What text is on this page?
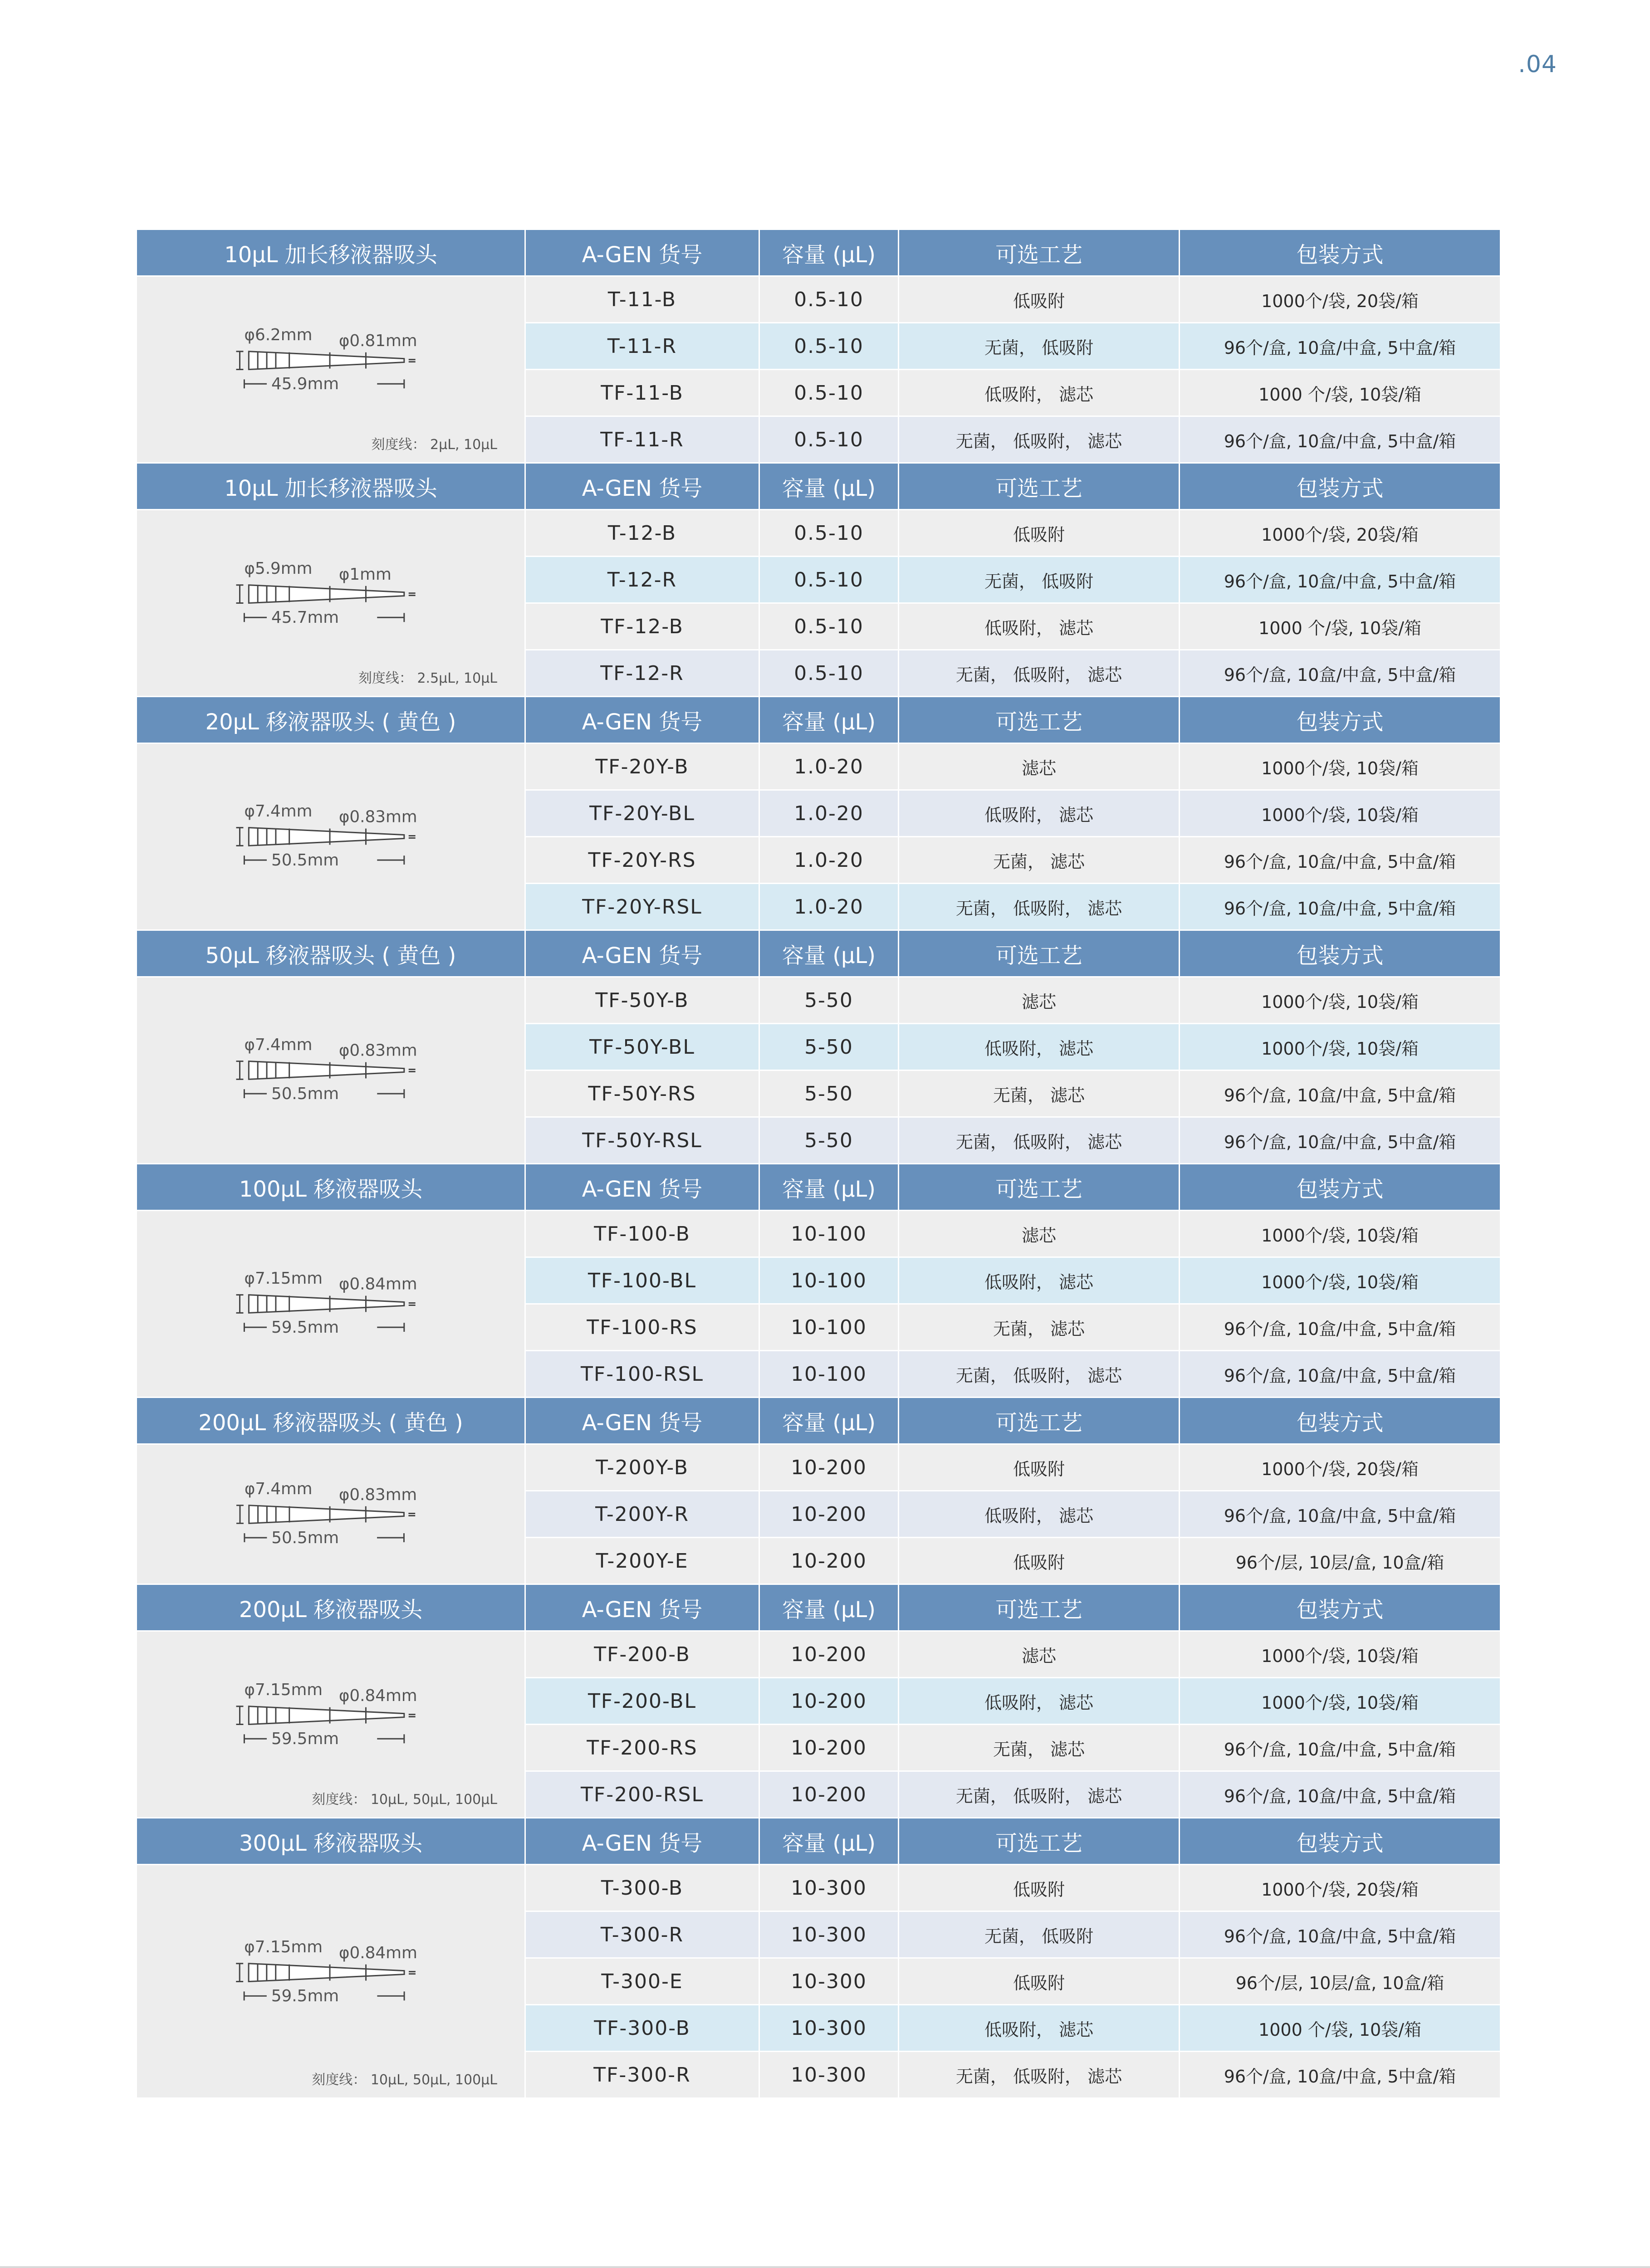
.04
10µL 加长移液器吸头	A-GEN 货号	容量 (µL)	可选工艺	包装方式
φ6.2mm φ0.81mm
45.9mm
刻度线： 2µL, 10µL
T-11-B	0.5-10	低吸附	1000个/袋, 20袋/箱
T-11-R	0.5-10	无菌， 低吸附	96个/盒, 10盒/中盒, 5中盒/箱
TF-11-B	0.5-10	低吸附， 滤芯	1000 个/袋, 10袋/箱
TF-11-R	0.5-10	无菌， 低吸附， 滤芯	96个/盒, 10盒/中盒, 5中盒/箱
10µL 加长移液器吸头	A-GEN 货号	容量 (µL)	可选工艺	包装方式
φ5.9mm φ1mm
45.7mm
刻度线： 2.5µL, 10µL
T-12-B	0.5-10	低吸附	1000个/袋, 20袋/箱
T-12-R	0.5-10	无菌， 低吸附	96个/盒, 10盒/中盒, 5中盒/箱
TF-12-B	0.5-10	低吸附， 滤芯	1000 个/袋, 10袋/箱
TF-12-R	0.5-10	无菌， 低吸附， 滤芯	96个/盒, 10盒/中盒, 5中盒/箱
20µL 移液器吸头 ( 黄色 )	A-GEN 货号	容量 (µL)	可选工艺	包装方式
φ7.4mm φ0.83mm
50.5mm
TF-20Y-B	1.0-20	滤芯	1000个/袋, 10袋/箱
TF-20Y-BL	1.0-20	低吸附， 滤芯	1000个/袋, 10袋/箱
TF-20Y-RS	1.0-20	无菌， 滤芯	96个/盒, 10盒/中盒, 5中盒/箱
TF-20Y-RSL	1.0-20	无菌， 低吸附， 滤芯	96个/盒, 10盒/中盒, 5中盒/箱
50µL 移液器吸头 ( 黄色 )	A-GEN 货号	容量 (µL)	可选工艺	包装方式
φ7.4mm φ0.83mm
50.5mm
TF-50Y-B	5-50	滤芯	1000个/袋, 10袋/箱
TF-50Y-BL	5-50	低吸附， 滤芯	1000个/袋, 10袋/箱
TF-50Y-RS	5-50	无菌， 滤芯	96个/盒, 10盒/中盒, 5中盒/箱
TF-50Y-RSL	5-50	无菌， 低吸附， 滤芯	96个/盒, 10盒/中盒, 5中盒/箱
100µL 移液器吸头	A-GEN 货号	容量 (µL)	可选工艺	包装方式
φ7.15mm φ0.84mm
59.5mm
TF-100-B	10-100	滤芯	1000个/袋, 10袋/箱
TF-100-BL	10-100	低吸附， 滤芯	1000个/袋, 10袋/箱
TF-100-RS	10-100	无菌， 滤芯	96个/盒, 10盒/中盒, 5中盒/箱
TF-100-RSL	10-100	无菌， 低吸附， 滤芯	96个/盒, 10盒/中盒, 5中盒/箱
200µL 移液器吸头 ( 黄色 )	A-GEN 货号	容量 (µL)	可选工艺	包装方式
φ7.4mm φ0.83mm
50.5mm
T-200Y-B	10-200	低吸附	1000个/袋, 20袋/箱
T-200Y-R	10-200	低吸附， 滤芯	96个/盒, 10盒/中盒, 5中盒/箱
T-200Y-E	10-200	低吸附	96个/层, 10层/盒, 10盒/箱
200µL 移液器吸头	A-GEN 货号	容量 (µL)	可选工艺	包装方式
φ7.15mm φ0.84mm
59.5mm
刻度线： 10µL, 50µL, 100µL
TF-200-B	10-200	滤芯	1000个/袋, 10袋/箱
TF-200-BL	10-200	低吸附， 滤芯	1000个/袋, 10袋/箱
TF-200-RS	10-200	无菌， 滤芯	96个/盒, 10盒/中盒, 5中盒/箱
TF-200-RSL	10-200	无菌， 低吸附， 滤芯	96个/盒, 10盒/中盒, 5中盒/箱
300µL 移液器吸头	A-GEN 货号	容量 (µL)	可选工艺	包装方式
φ7.15mm φ0.84mm
59.5mm
刻度线： 10µL, 50µL, 100µL
T-300-B	10-300	低吸附	1000个/袋, 20袋/箱
T-300-R	10-300	无菌， 低吸附	96个/盒, 10盒/中盒, 5中盒/箱
T-300-E	10-300	低吸附	96个/层, 10层/盒, 10盒/箱
TF-300-B	10-300	低吸附， 滤芯	1000 个/袋, 10袋/箱
TF-300-R	10-300	无菌， 低吸附， 滤芯	96个/盒, 10盒/中盒, 5中盒/箱
